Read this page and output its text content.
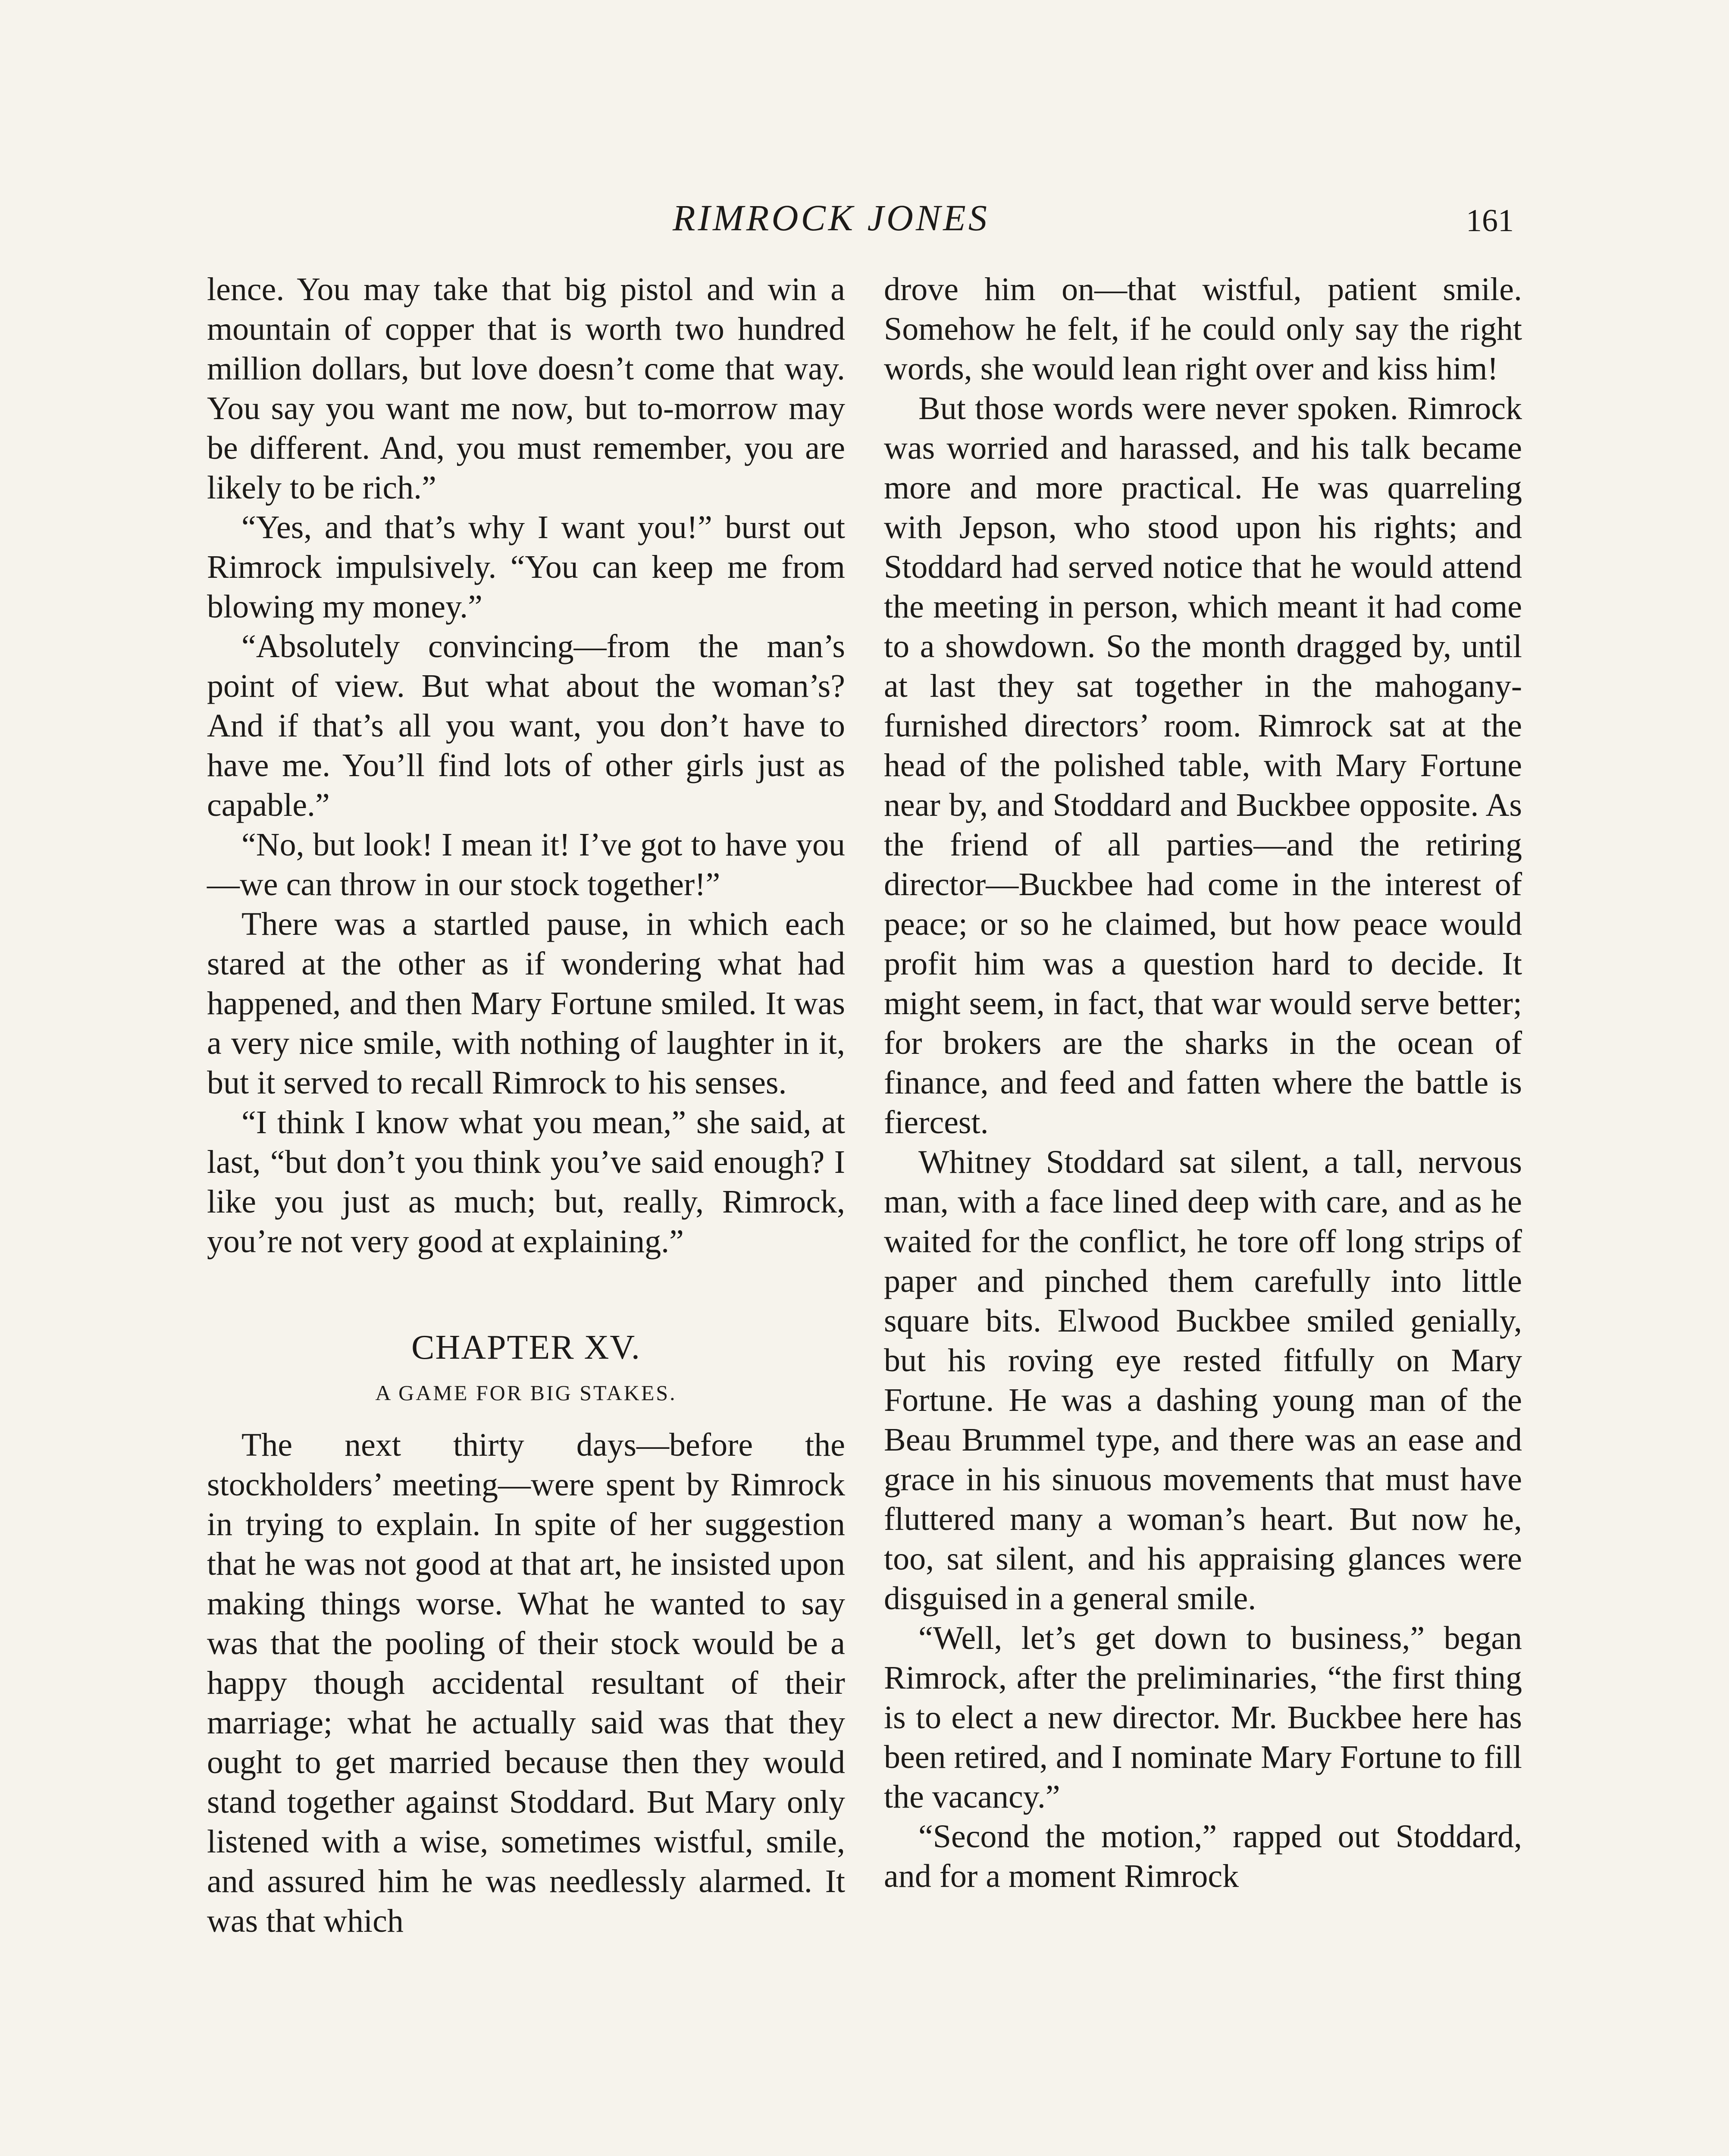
RIMROCK JONES	161

lence. You may take that big pistol and win a mountain of copper that is worth two hundred million dollars, but love doesn’t come that way. You say you want me now, but to-morrow may be different. And, you must remember, you are likely to be rich.”

“Yes, and that’s why I want you!” burst out Rimrock impulsively. “You can keep me from blowing my money.”

“Absolutely convincing—from the man’s point of view. But what about the woman’s? And if that’s all you want, you don’t have to have me. You’ll find lots of other girls just as capable.”

“No, but look! I mean it! I’ve got to have you—we can throw in our stock together!”

There was a startled pause, in which each stared at the other as if wondering what had happened, and then Mary Fortune smiled. It was a very nice smile, with nothing of laughter in it, but it served to recall Rimrock to his senses.

“I think I know what you mean,” she said, at last, “but don’t you think you’ve said enough? I like you just as much; but, really, Rimrock, you’re not very good at explaining.”

CHAPTER XV.
A GAME FOR BIG STAKES.

The next thirty days—before the stockholders’ meeting—were spent by Rimrock in trying to explain. In spite of her suggestion that he was not good at that art, he insisted upon making things worse. What he wanted to say was that the pooling of their stock would be a happy though accidental resultant of their marriage; what he actually said was that they ought to get married because then they would stand together against Stoddard. But Mary only listened with a wise, sometimes wistful, smile, and assured him he was needlessly alarmed. It was that which

drove him on—that wistful, patient smile. Somehow he felt, if he could only say the right words, she would lean right over and kiss him!

But those words were never spoken. Rimrock was worried and harassed, and his talk became more and more practical. He was quarreling with Jepson, who stood upon his rights; and Stoddard had served notice that he would attend the meeting in person, which meant it had come to a showdown. So the month dragged by, until at last they sat together in the mahogany-furnished directors’ room. Rimrock sat at the head of the polished table, with Mary Fortune near by, and Stoddard and Buckbee opposite. As the friend of all parties—and the retiring director—Buckbee had come in the interest of peace; or so he claimed, but how peace would profit him was a question hard to decide. It might seem, in fact, that war would serve better; for brokers are the sharks in the ocean of finance, and feed and fatten where the battle is fiercest.

Whitney Stoddard sat silent, a tall, nervous man, with a face lined deep with care, and as he waited for the conflict, he tore off long strips of paper and pinched them carefully into little square bits. Elwood Buckbee smiled genially, but his roving eye rested fitfully on Mary Fortune. He was a dashing young man of the Beau Brummel type, and there was an ease and grace in his sinuous movements that must have fluttered many a woman’s heart. But now he, too, sat silent, and his appraising glances were disguised in a general smile.

“Well, let’s get down to business,” began Rimrock, after the preliminaries, “the first thing is to elect a new director. Mr. Buckbee here has been retired, and I nominate Mary Fortune to fill the vacancy.”

“Second the motion,” rapped out Stoddard, and for a moment Rimrock
